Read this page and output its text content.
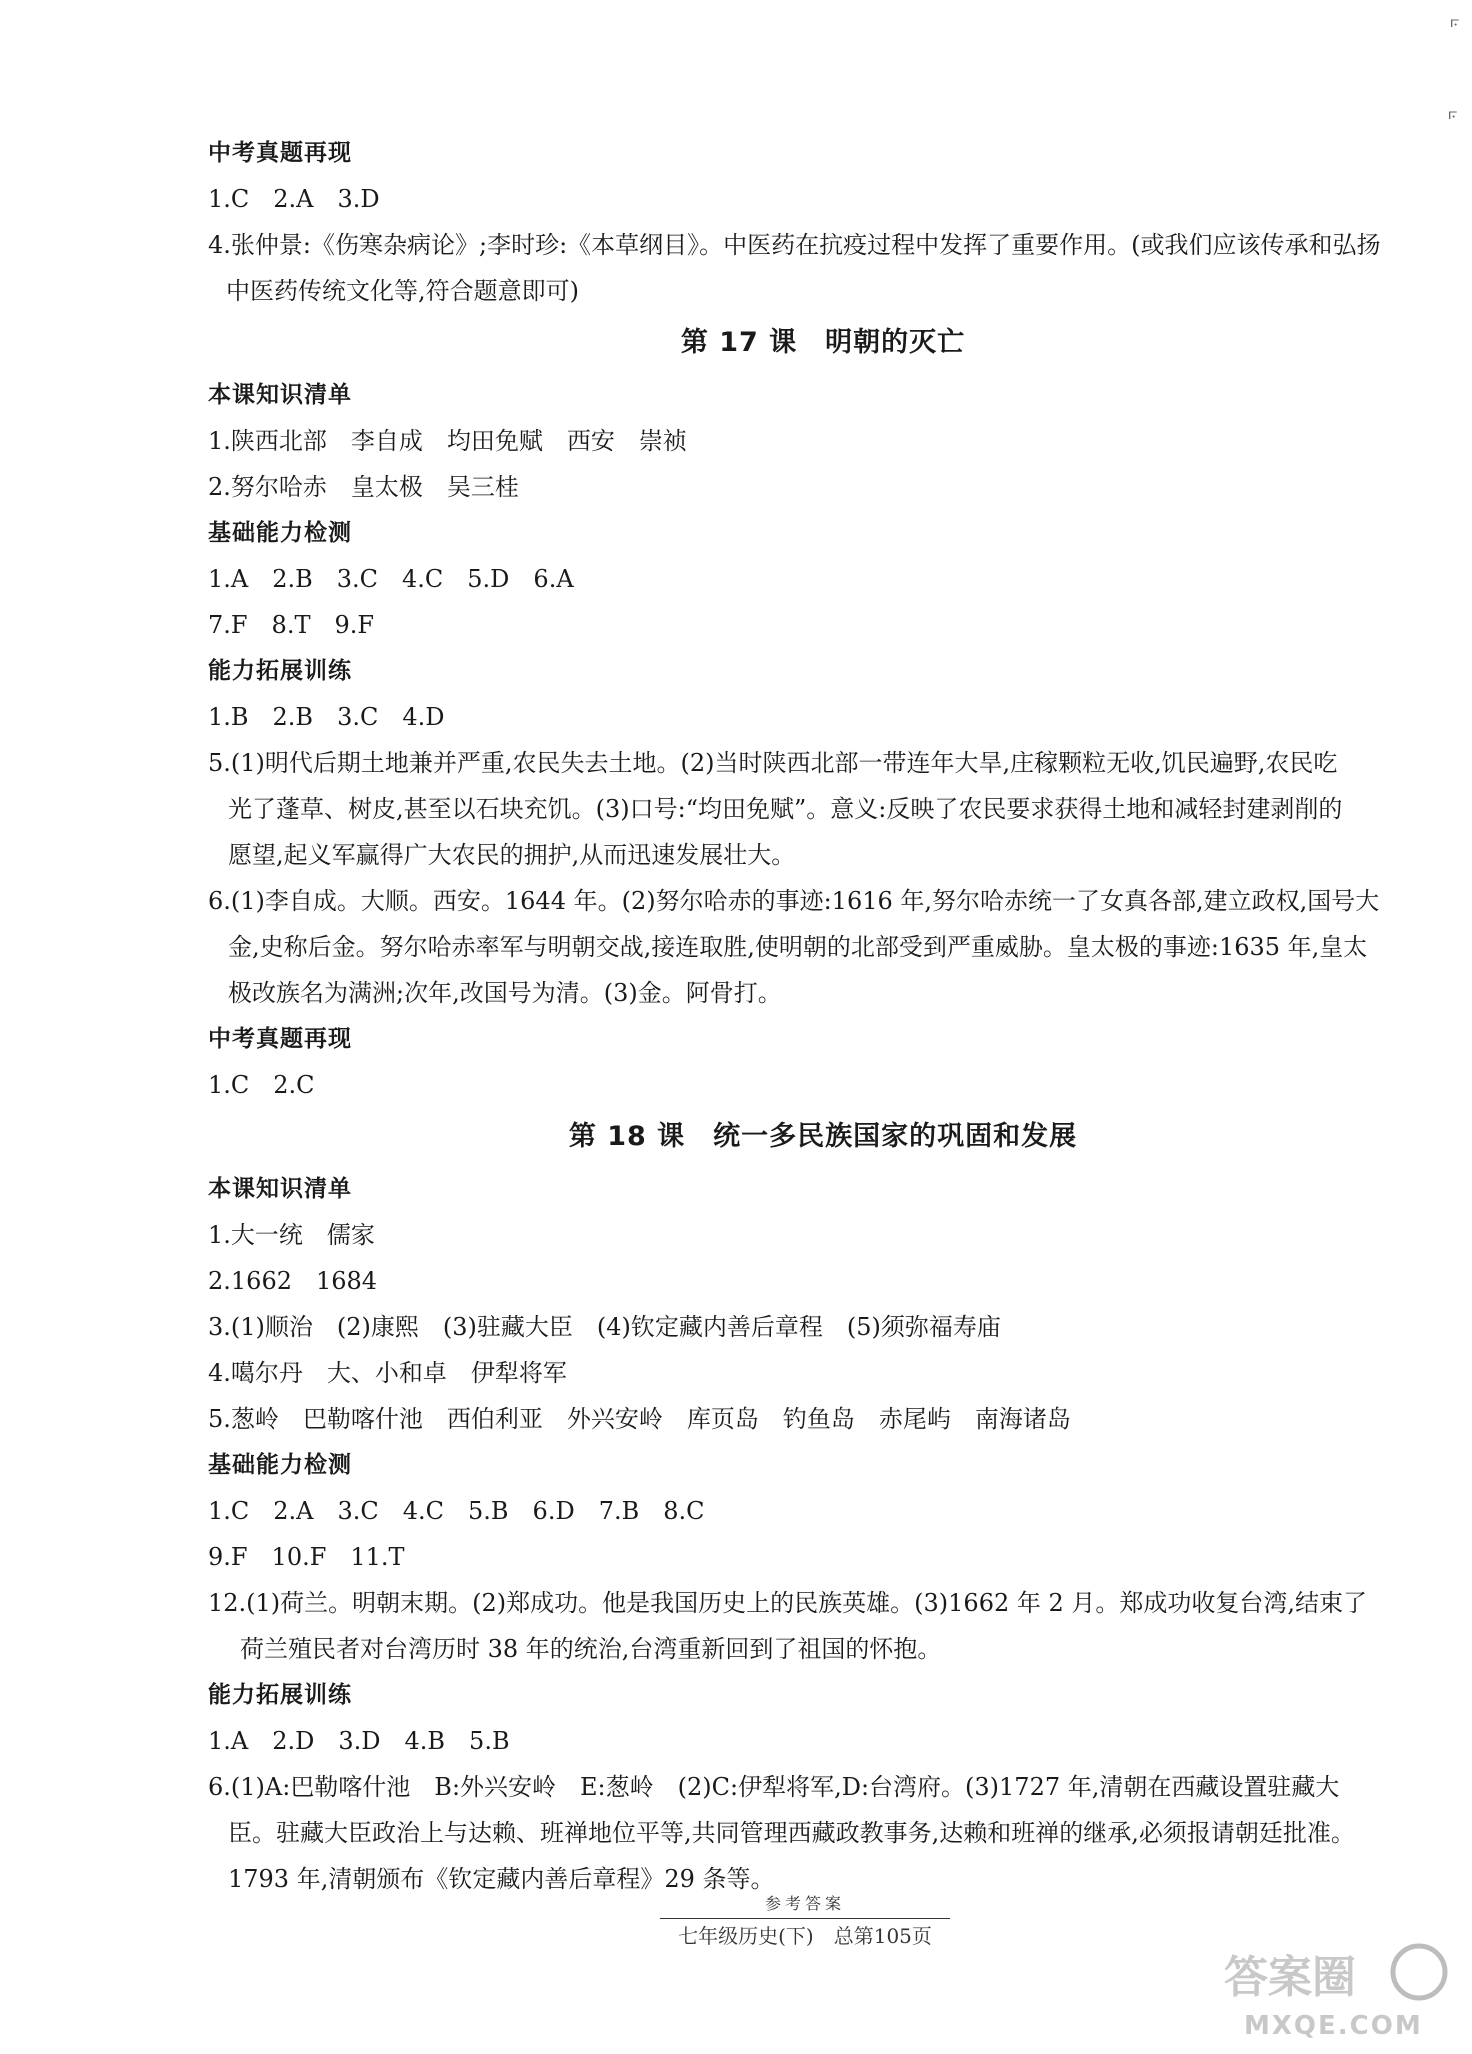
⟔
⟔
中考真题再现
1.C　2.A　3.D
4.张仲景:《伤寒杂病论》;李时珍:《本草纲目》。中医药在抗疫过程中发挥了重要作用。(或我们应该传承和弘扬
中医药传统文化等,符合题意即可)
第 17 课　明朝的灭亡
本课知识清单
1.陕西北部　李自成　均田免赋　西安　崇祯
2.努尔哈赤　皇太极　吴三桂
基础能力检测
1.A　2.B　3.C　4.C　5.D　6.A
7.F　8.T　9.F
能力拓展训练
1.B　2.B　3.C　4.D
5.(1)明代后期土地兼并严重,农民失去土地。(2)当时陕西北部一带连年大旱,庄稼颗粒无收,饥民遍野,农民吃
光了蓬草、树皮,甚至以石块充饥。(3)口号:“均田免赋”。意义:反映了农民要求获得土地和减轻封建剥削的
愿望,起义军赢得广大农民的拥护,从而迅速发展壮大。
6.(1)李自成。大顺。西安。1644 年。(2)努尔哈赤的事迹:1616 年,努尔哈赤统一了女真各部,建立政权,国号大
金,史称后金。努尔哈赤率军与明朝交战,接连取胜,使明朝的北部受到严重威胁。皇太极的事迹:1635 年,皇太
极改族名为满洲;次年,改国号为清。(3)金。阿骨打。
中考真题再现
1.C　2.C
第 18 课　统一多民族国家的巩固和发展
本课知识清单
1.大一统　儒家
2.1662　1684
3.(1)顺治　(2)康熙　(3)驻藏大臣　(4)钦定藏内善后章程　(5)须弥福寿庙
4.噶尔丹　大、小和卓　伊犁将军
5.葱岭　巴勒喀什池　西伯利亚　外兴安岭　库页岛　钓鱼岛　赤尾屿　南海诸岛
基础能力检测
1.C　2.A　3.C　4.C　5.B　6.D　7.B　8.C
9.F　10.F　11.T
12.(1)荷兰。明朝末期。(2)郑成功。他是我国历史上的民族英雄。(3)1662 年 2 月。郑成功收复台湾,结束了
荷兰殖民者对台湾历时 38 年的统治,台湾重新回到了祖国的怀抱。
能力拓展训练
1.A　2.D　3.D　4.B　5.B
6.(1)A:巴勒喀什池　B:外兴安岭　E:葱岭　(2)C:伊犁将军,D:台湾府。(3)1727 年,清朝在西藏设置驻藏大
臣。驻藏大臣政治上与达赖、班禅地位平等,共同管理西藏政教事务,达赖和班禅的继承,必须报请朝廷批准。
1793 年,清朝颁布《钦定藏内善后章程》29 条等。
参考答案
七年级历史(下)　总第105页
答案圈
MXQE.COM
